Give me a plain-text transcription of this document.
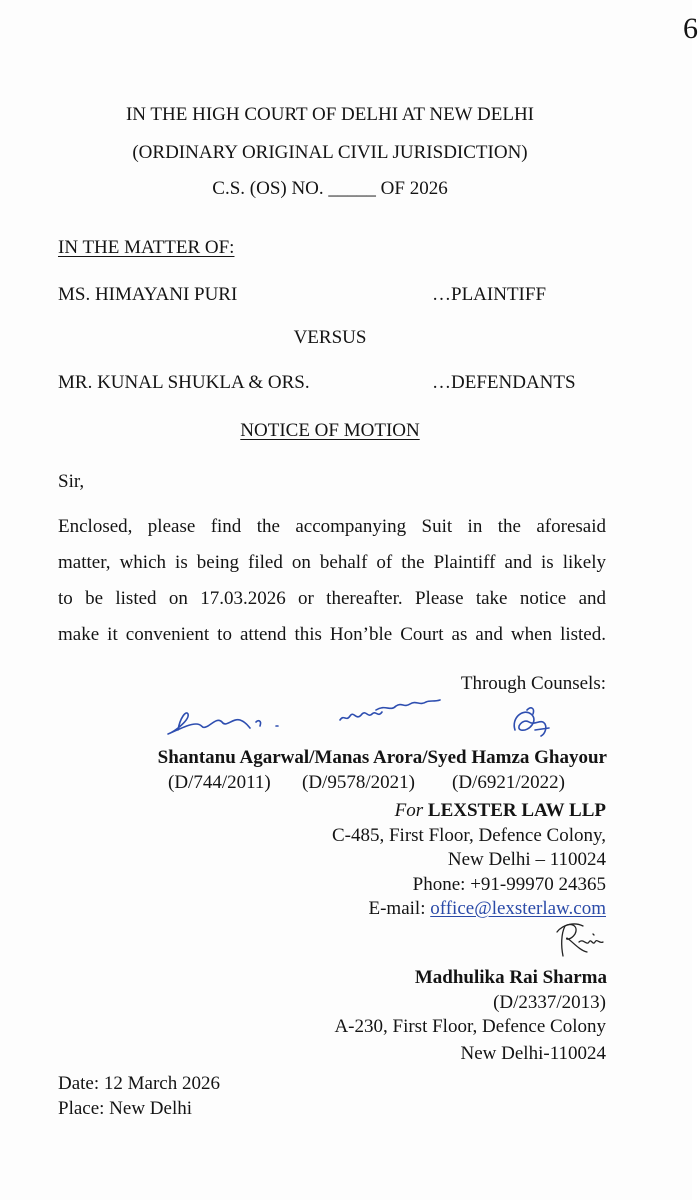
6
IN THE HIGH COURT OF DELHI AT NEW DELHI
(ORDINARY ORIGINAL CIVIL JURISDICTION)
C.S. (OS) NO. _____ OF 2026
IN THE MATTER OF:
MS. HIMAYANI PURI	…PLAINTIFF
VERSUS
MR. KUNAL SHUKLA & ORS.	…DEFENDANTS
NOTICE OF MOTION
Sir,
Enclosed, please find the accompanying Suit in the aforesaid
matter, which is being filed on behalf of the Plaintiff and is likely
to be listed on 17.03.2026 or thereafter. Please take notice and
make it convenient to attend this Hon’ble Court as and when listed.
Through Counsels:
Shantanu Agarwal/Manas Arora/Syed Hamza Ghayour
(D/744/2011) (D/9578/2021) (D/6921/2022)
For LEXSTER LAW LLP
C-485, First Floor, Defence Colony,
New Delhi – 110024
Phone: +91-99970 24365
E-mail: office@lexsterlaw.com
Madhulika Rai Sharma
(D/2337/2013)
A-230, First Floor, Defence Colony
New Delhi-110024
Date: 12 March 2026
Place: New Delhi
